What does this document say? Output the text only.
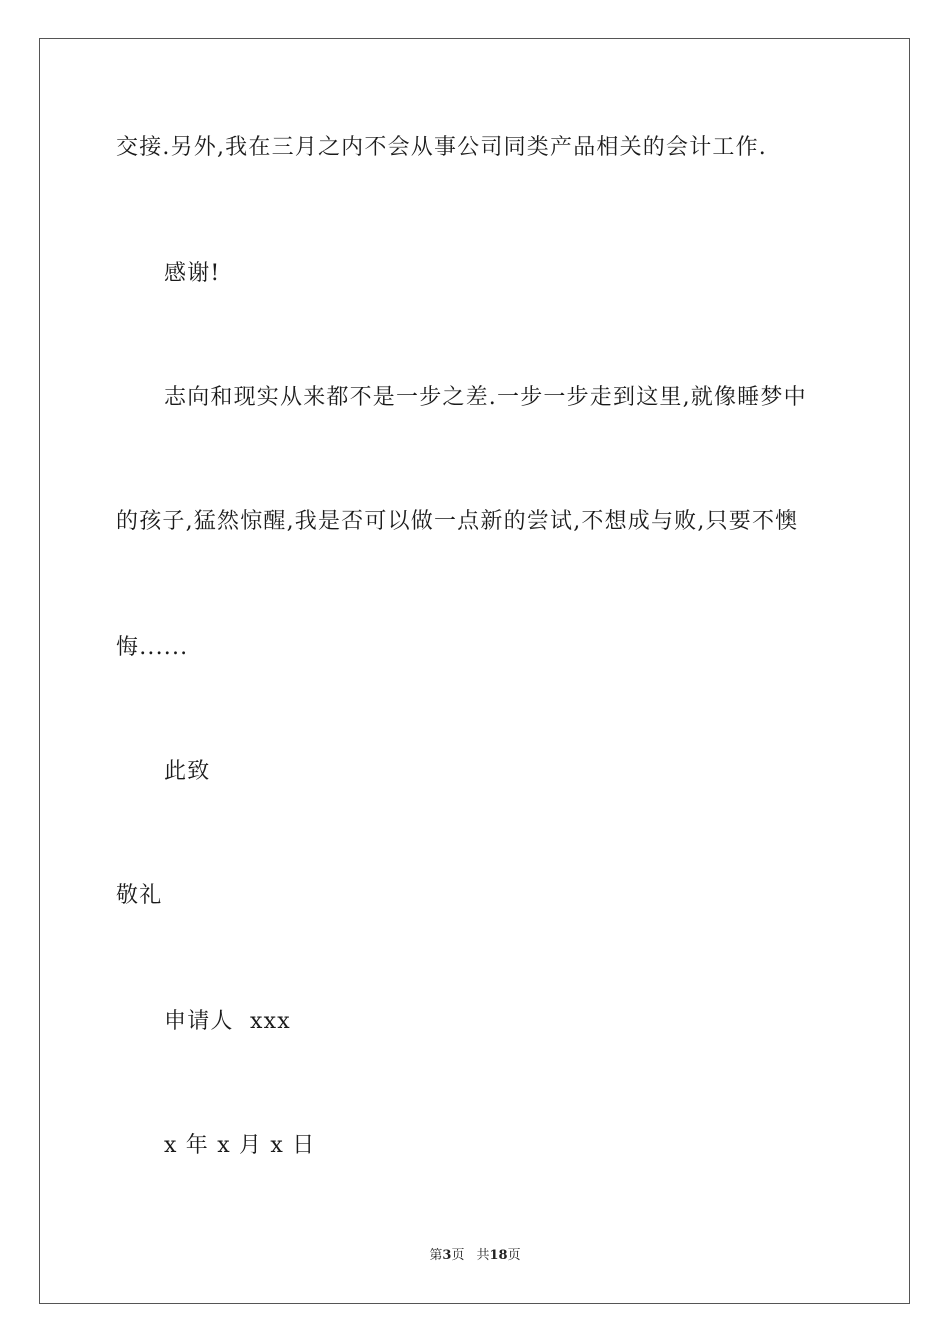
交接.另外,我在三月之内不会从事公司同类产品相关的会计工作.
感谢!
志向和现实从来都不是一步之差.一步一步走到这里,就像睡梦中
的孩子,猛然惊醒,我是否可以做一点新的尝试,不想成与败,只要不懊
悔......
此致
敬礼
申请人  xxx
x 年 x 月 x 日
第3页 共18页
